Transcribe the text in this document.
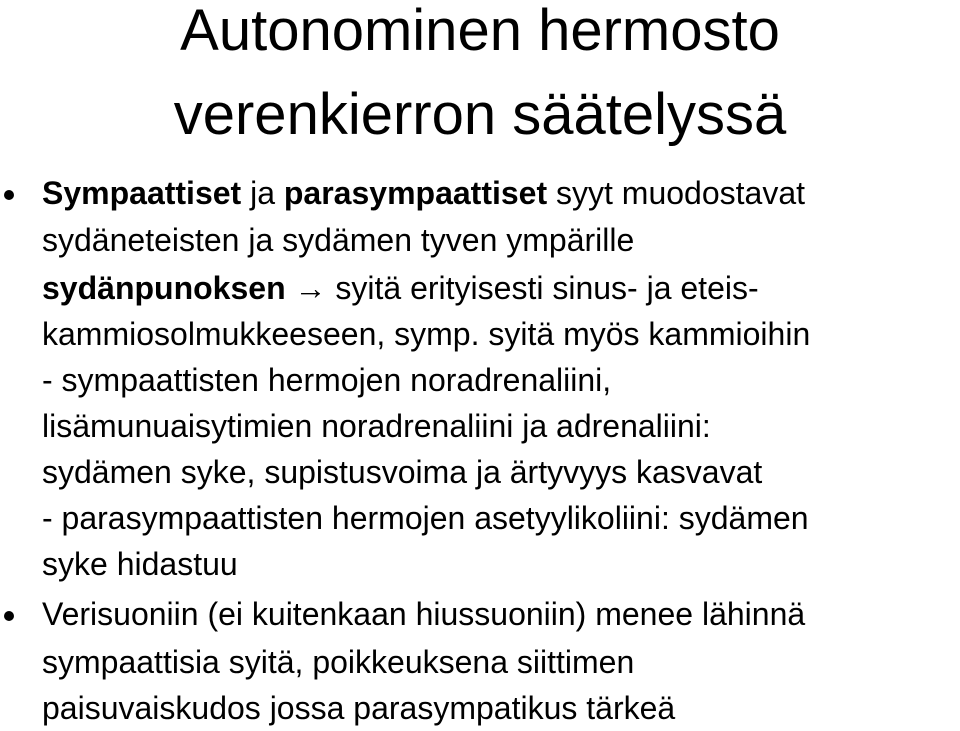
Autonominen hermosto
verenkierron säätelyssä
Sympaattiset ja parasympaattiset syyt muodostavat
sydäneteisten ja sydämen tyven ympärille
sydänpunoksen → syitä erityisesti sinus- ja eteis-
kammiosolmukkeeseen, symp. syitä myös kammioihin
- sympaattisten hermojen noradrenaliini,
lisämunuaisytimien noradrenaliini ja adrenaliini:
sydämen syke, supistusvoima ja ärtyvyys kasvavat
- parasympaattisten hermojen asetyylikoliini: sydämen
syke hidastuu
Verisuoniin (ei kuitenkaan hiussuoniin) menee lähinnä
sympaattisia syitä, poikkeuksena siittimen
paisuvaiskudos jossa parasympatikus tärkeä
